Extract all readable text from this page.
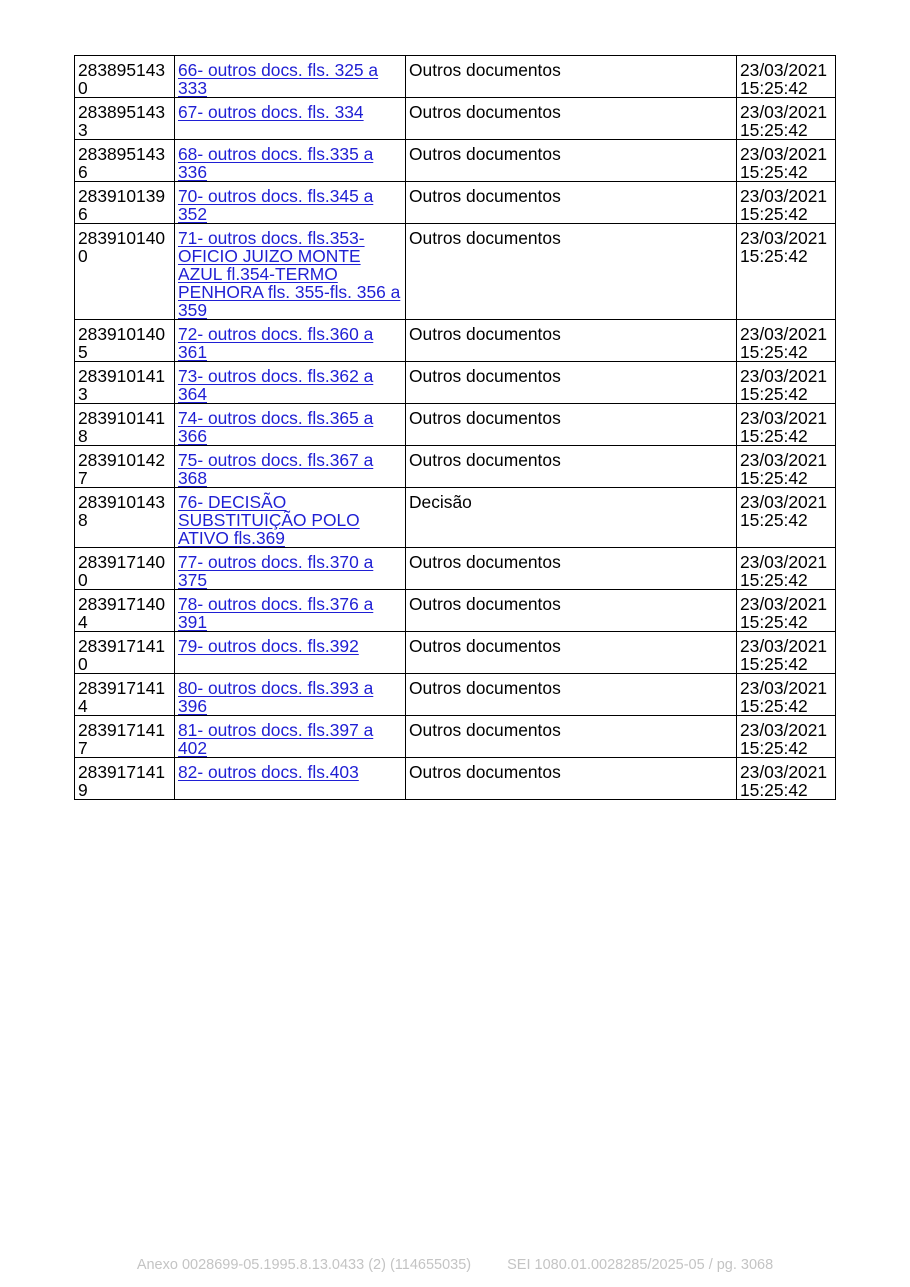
2838951430	66- outros docs. fls. 325 a 333	Outros documentos	23/03/2021
15:25:42

2838951433	67- outros docs. fls. 334	Outros documentos	23/03/2021
15:25:42

2838951436	68- outros docs. fls.335 a 336	Outros documentos	23/03/2021
15:25:42

2839101396	70- outros docs. fls.345 a 352	Outros documentos	23/03/2021
15:25:42

2839101400	71- outros docs. fls.353- OFICIO JUIZO MONTE AZUL fl.354-TERMO PENHORA fls. 355-fls. 356 a 359	Outros documentos	23/03/2021
15:25:42

2839101405	72- outros docs. fls.360 a 361	Outros documentos	23/03/2021
15:25:42

2839101413	73- outros docs. fls.362 a 364	Outros documentos	23/03/2021
15:25:42

2839101418	74- outros docs. fls.365 a 366	Outros documentos	23/03/2021
15:25:42

2839101427	75- outros docs. fls.367 a 368	Outros documentos	23/03/2021
15:25:42

2839101438	76- DECISÃO SUBSTITUIÇÃO POLO ATIVO fls.369	Decisão	23/03/2021
15:25:42

2839171400	77- outros docs. fls.370 a 375	Outros documentos	23/03/2021
15:25:42

2839171404	78- outros docs. fls.376 a 391	Outros documentos	23/03/2021
15:25:42

2839171410	79- outros docs. fls.392	Outros documentos	23/03/2021
15:25:42

2839171414	80- outros docs. fls.393 a 396	Outros documentos	23/03/2021
15:25:42

2839171417	81- outros docs. fls.397 a 402	Outros documentos	23/03/2021
15:25:42

2839171419	82- outros docs. fls.403	Outros documentos	23/03/2021
15:25:42
Anexo 0028699-05.1995.8.13.0433 (2) (114655035) SEI 1080.01.0028285/2025-05 / pg. 3068
